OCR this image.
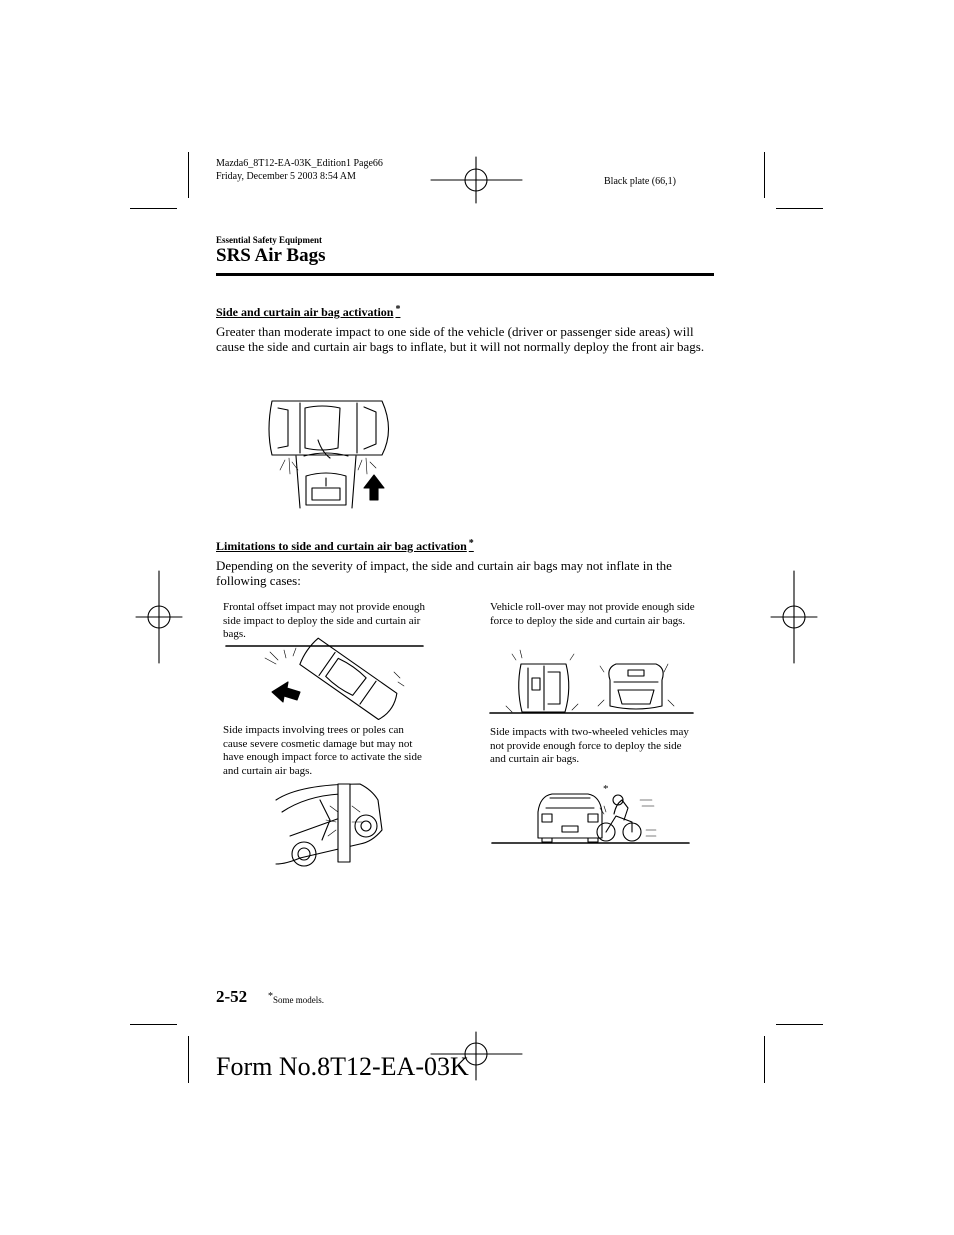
Mazda6_8T12-EA-03K_Edition1 Page66
Friday, December 5 2003 8:54 AM	Black plate (66,1)
Essential Safety Equipment
SRS Air Bags
Side and curtain air bag activation *
Greater than moderate impact to one side of the vehicle (driver or passenger side areas) will cause the side and curtain air bags to inflate, but it will not normally deploy the front air bags.
Limitations to side and curtain air bag activation *
Depending on the severity of impact, the side and curtain air bags may not inflate in the following cases:
Frontal offset impact may not provide enough side impact to deploy the side and curtain air bags.
Vehicle roll-over may not provide enough side force to deploy the side and curtain air bags.
Side impacts involving trees or poles can cause severe cosmetic damage but may not have enough impact force to activate the side and curtain air bags.
Side impacts with two-wheeled vehicles may not provide enough force to deploy the side and curtain air bags.
*
2-52 *Some models.
Form No.8T12-EA-03K
